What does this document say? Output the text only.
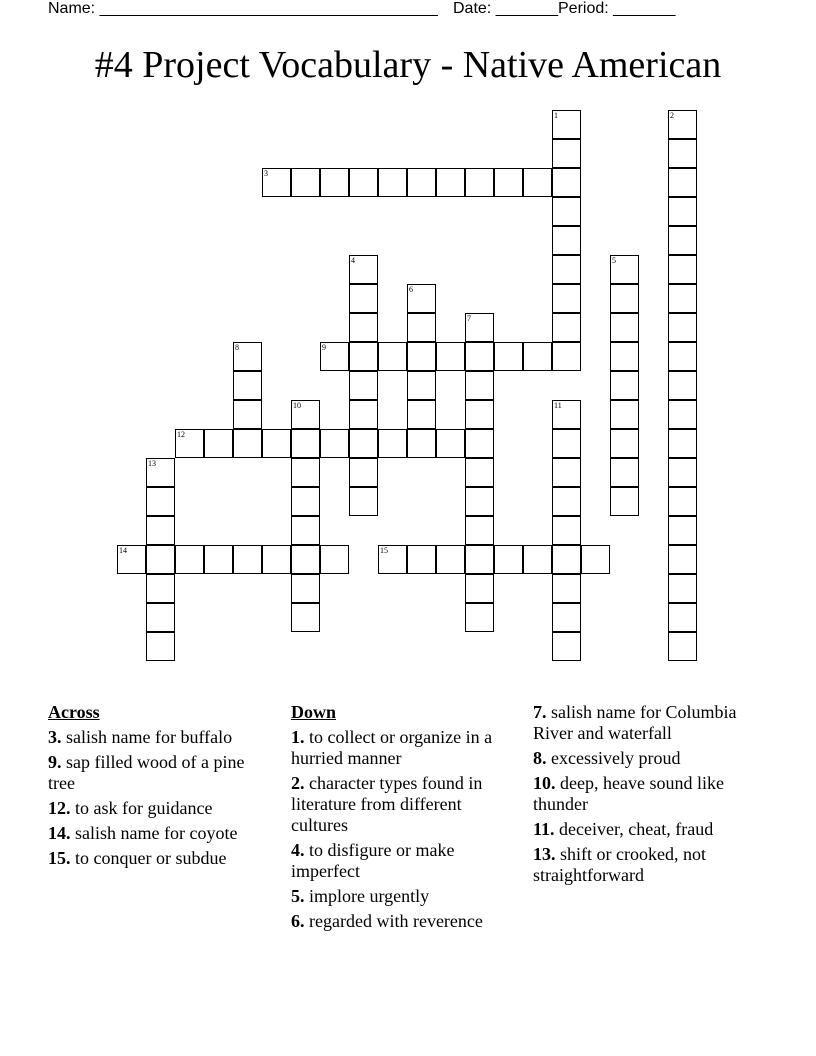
Name: ______________________________________ Date: _______ Period: _______
#4 Project Vocabulary - Native American
1	2
3
4	5
6
7
8	9
10	11
12
13
14	15
Across
3. salish name for buffalo
9. sap filled wood of a pine tree
12. to ask for guidance
14. salish name for coyote
15. to conquer or subdue
Down
1. to collect or organize in a hurried manner
2. character types found in literature from different cultures
4. to disfigure or make imperfect
5. implore urgently
6. regarded with reverence
7. salish name for Columbia River and waterfall
8. excessively proud
10. deep, heave sound like thunder
11. deceiver, cheat, fraud
13. shift or crooked, not straightforward
